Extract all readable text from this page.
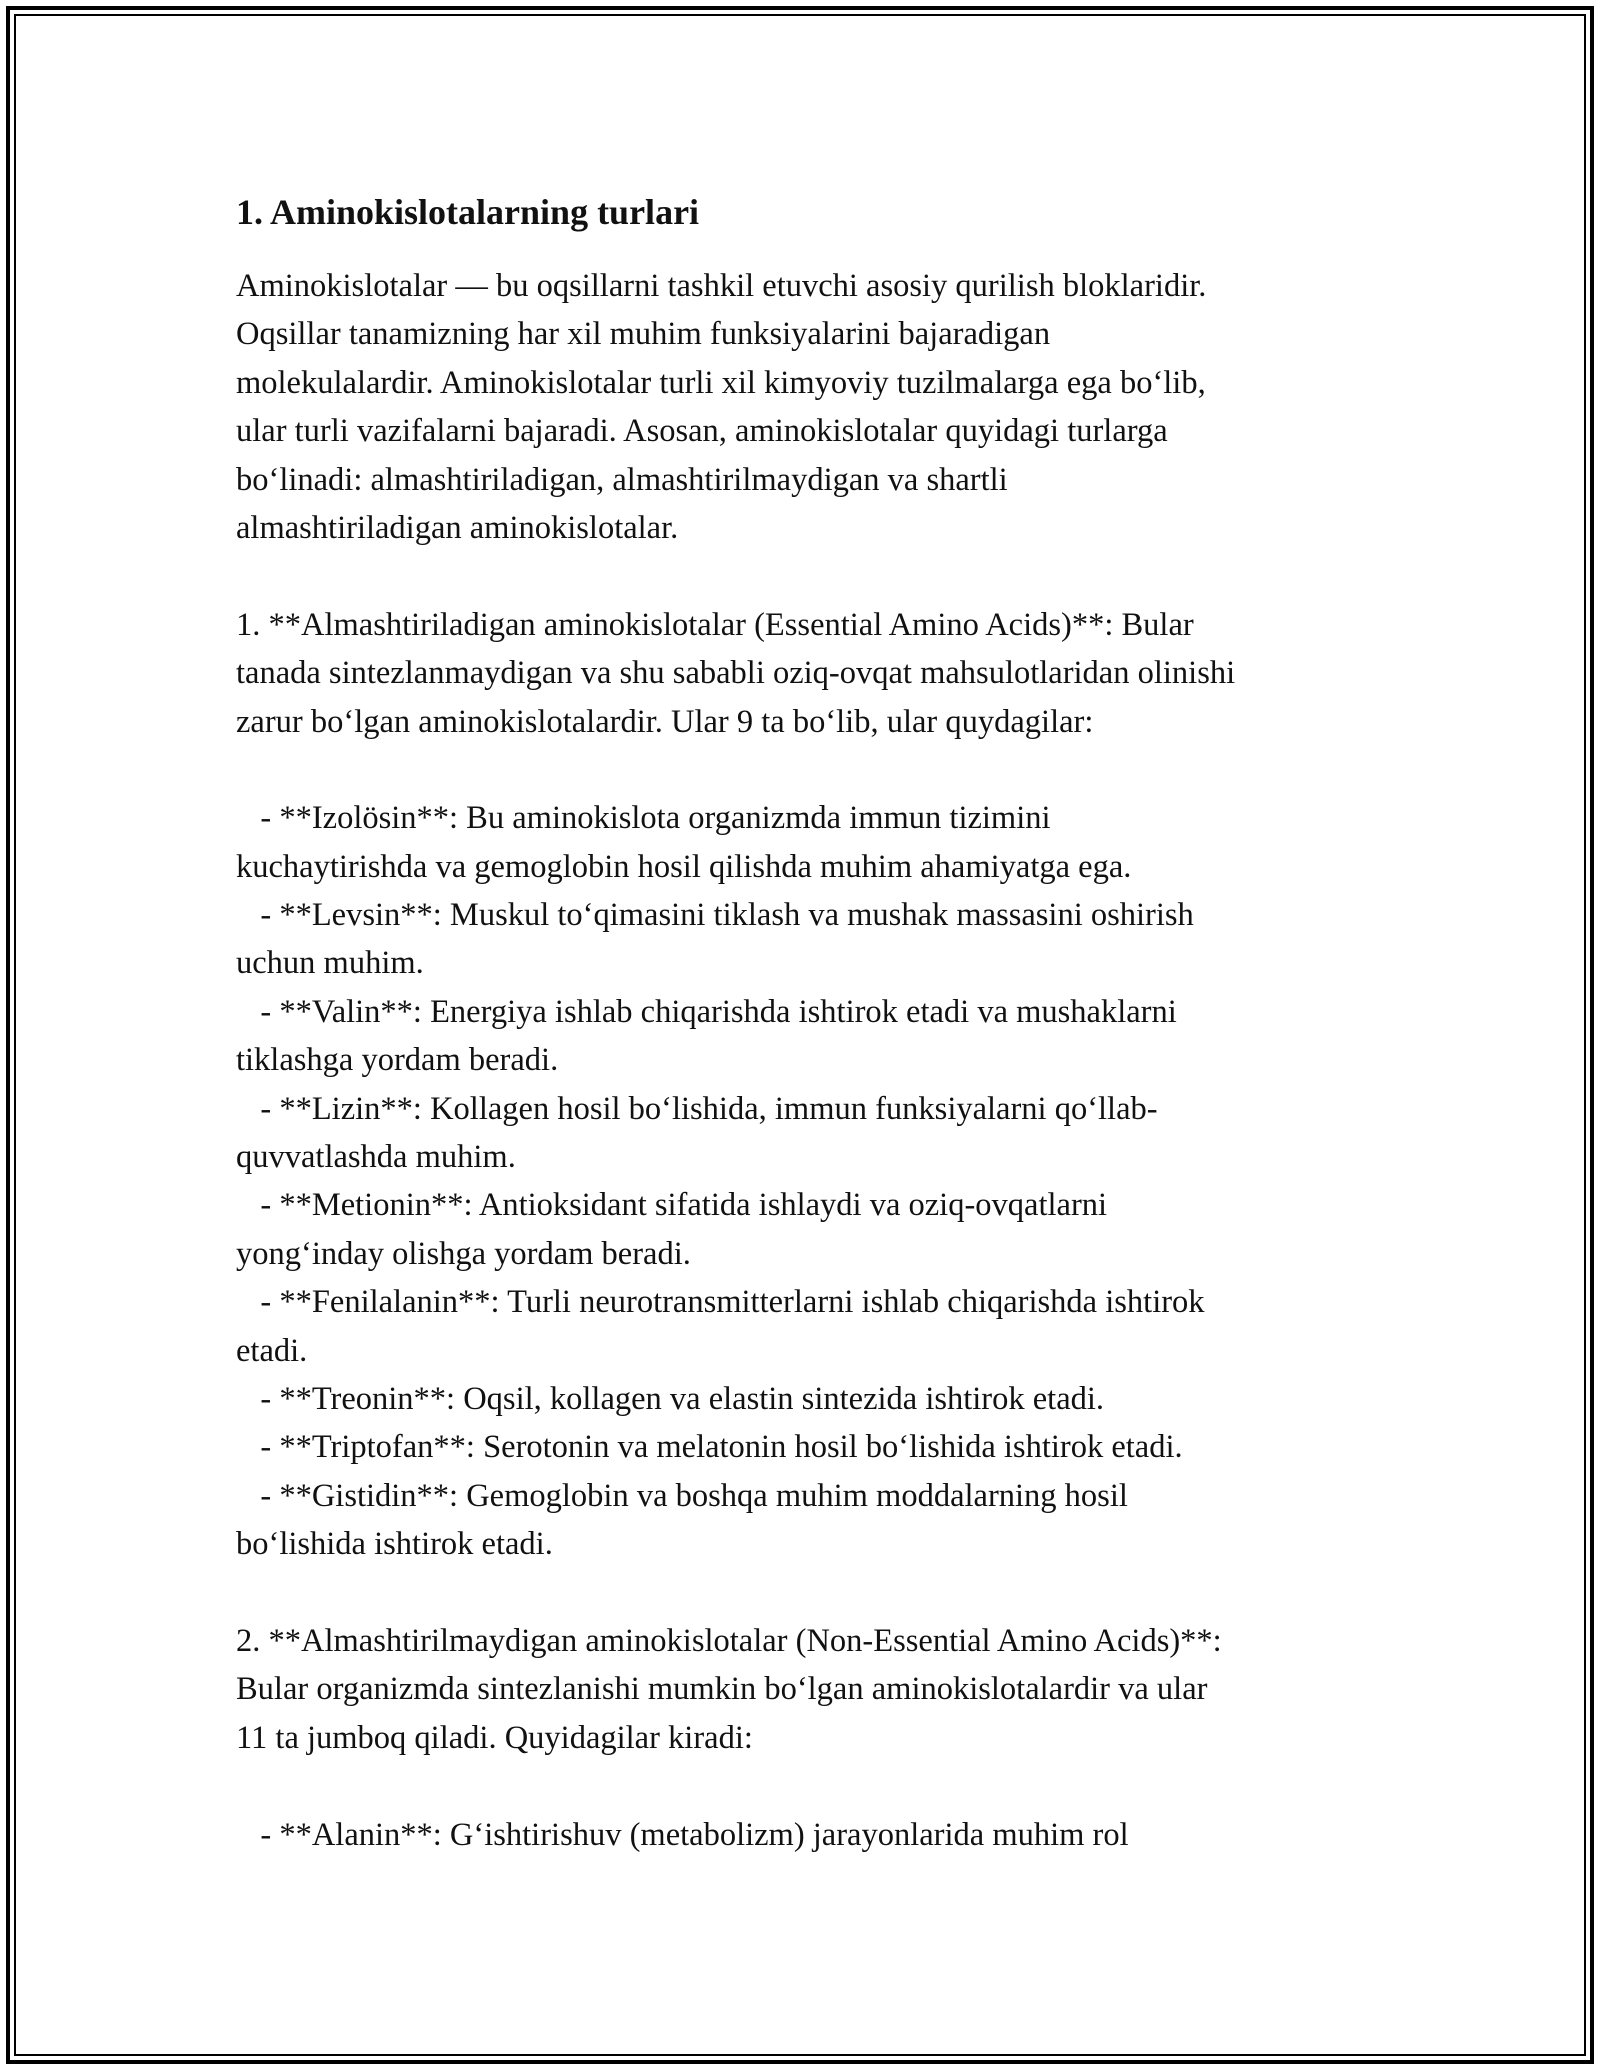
1. Aminokislotalarning turlari
Aminokislotalar — bu oqsillarni tashkil etuvchi asosiy qurilish bloklaridir.
Oqsillar tanamizning har xil muhim funksiyalarini bajaradigan
molekulalardir. Aminokislotalar turli xil kimyoviy tuzilmalarga ega bo‘lib,
ular turli vazifalarni bajaradi. Asosan, aminokislotalar quyidagi turlarga
bo‘linadi: almashtiriladigan, almashtirilmaydigan va shartli
almashtiriladigan aminokislotalar.
1. **Almashtiriladigan aminokislotalar (Essential Amino Acids)**: Bular
tanada sintezlanmaydigan va shu sababli oziq-ovqat mahsulotlaridan olinishi
zarur bo‘lgan aminokislotalardir. Ular 9 ta bo‘lib, ular quydagilar:
- **Izolösin**: Bu aminokislota organizmda immun tizimini
kuchaytirishda va gemoglobin hosil qilishda muhim ahamiyatga ega.
- **Levsin**: Muskul to‘qimasini tiklash va mushak massasini oshirish
uchun muhim.
- **Valin**: Energiya ishlab chiqarishda ishtirok etadi va mushaklarni
tiklashga yordam beradi.
- **Lizin**: Kollagen hosil bo‘lishida, immun funksiyalarni qo‘llab-
quvvatlashda muhim.
- **Metionin**: Antioksidant sifatida ishlaydi va oziq-ovqatlarni
yong‘inday olishga yordam beradi.
- **Fenilalanin**: Turli neurotransmitterlarni ishlab chiqarishda ishtirok
etadi.
- **Treonin**: Oqsil, kollagen va elastin sintezida ishtirok etadi.
- **Triptofan**: Serotonin va melatonin hosil bo‘lishida ishtirok etadi.
- **Gistidin**: Gemoglobin va boshqa muhim moddalarning hosil
bo‘lishida ishtirok etadi.
2. **Almashtirilmaydigan aminokislotalar (Non-Essential Amino Acids)**:
Bular organizmda sintezlanishi mumkin bo‘lgan aminokislotalardir va ular
11 ta jumboq qiladi. Quyidagilar kiradi:
- **Alanin**: G‘ishtirishuv (metabolizm) jarayonlarida muhim rol
